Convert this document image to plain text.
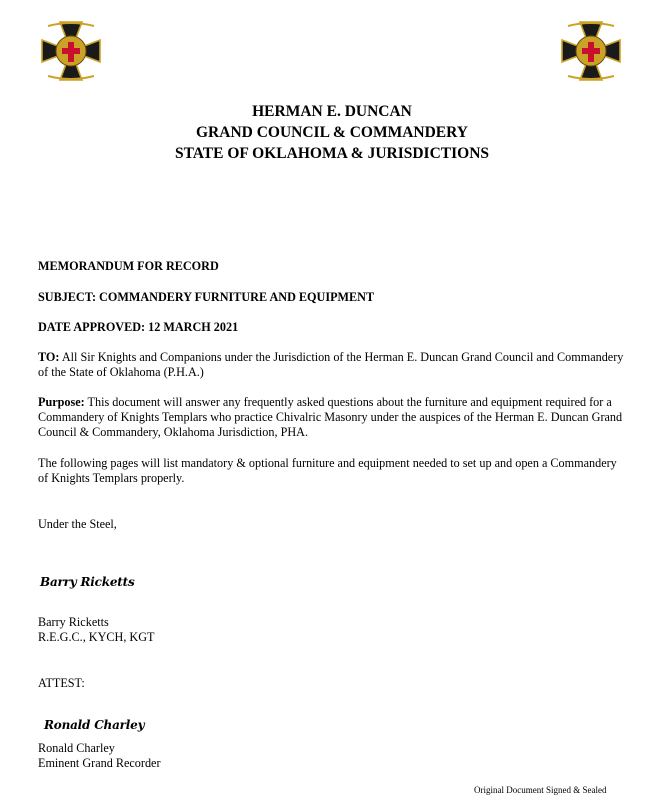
HERMAN E. DUNCAN
GRAND COUNCIL & COMMANDERY
STATE OF OKLAHOMA & JURISDICTIONS
MEMORANDUM FOR RECORD
SUBJECT: COMMANDERY FURNITURE AND EQUIPMENT
DATE APPROVED: 12 MARCH 2021
TO: All Sir Knights and Companions under the Jurisdiction of the Herman E. Duncan Grand Council and Commandery of the State of Oklahoma (P.H.A.)
Purpose: This document will answer any frequently asked questions about the furniture and equipment required for a Commandery of Knights Templars who practice Chivalric Masonry under the auspices of the Herman E. Duncan Grand Council & Commandery, Oklahoma Jurisdiction, PHA.
The following pages will list mandatory & optional furniture and equipment needed to set up and open a Commandery of Knights Templars properly.
Under the Steel,
Barry Ricketts
Barry Ricketts
R.E.G.C., KYCH, KGT
ATTEST:
Ronald Charley
Ronald Charley
Eminent Grand Recorder
Original Document Signed & Sealed
